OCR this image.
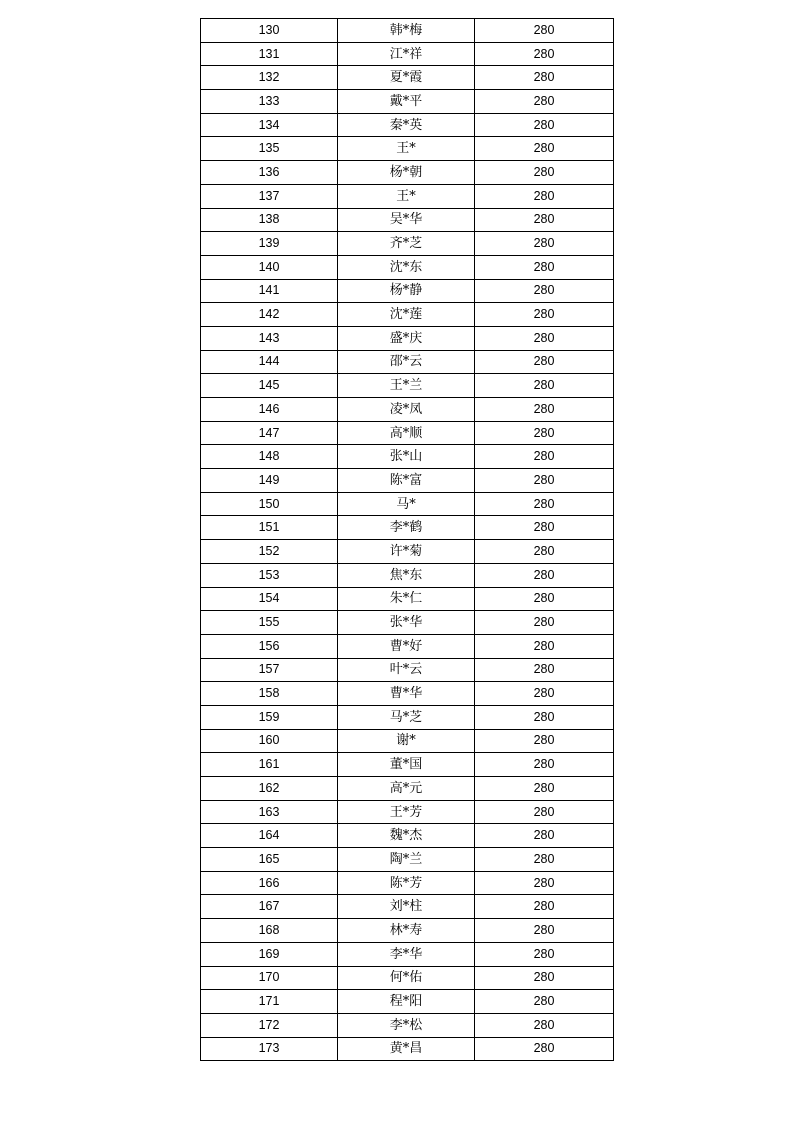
130	韩*梅	280
131	江*祥	280
132	夏*霞	280
133	戴*平	280
134	秦*英	280
135	王*	280
136	杨*朝	280
137	王*	280
138	吴*华	280
139	齐*芝	280
140	沈*东	280
141	杨*静	280
142	沈*莲	280
143	盛*庆	280
144	邵*云	280
145	王*兰	280
146	凌*凤	280
147	高*顺	280
148	张*山	280
149	陈*富	280
150	马*	280
151	李*鹤	280
152	许*菊	280
153	焦*东	280
154	朱*仁	280
155	张*华	280
156	曹*好	280
157	叶*云	280
158	曹*华	280
159	马*芝	280
160	谢*	280
161	董*国	280
162	高*元	280
163	王*芳	280
164	魏*杰	280
165	陶*兰	280
166	陈*芳	280
167	刘*柱	280
168	林*寿	280
169	李*华	280
170	何*佑	280
171	程*阳	280
172	李*松	280
173	黄*昌	280
